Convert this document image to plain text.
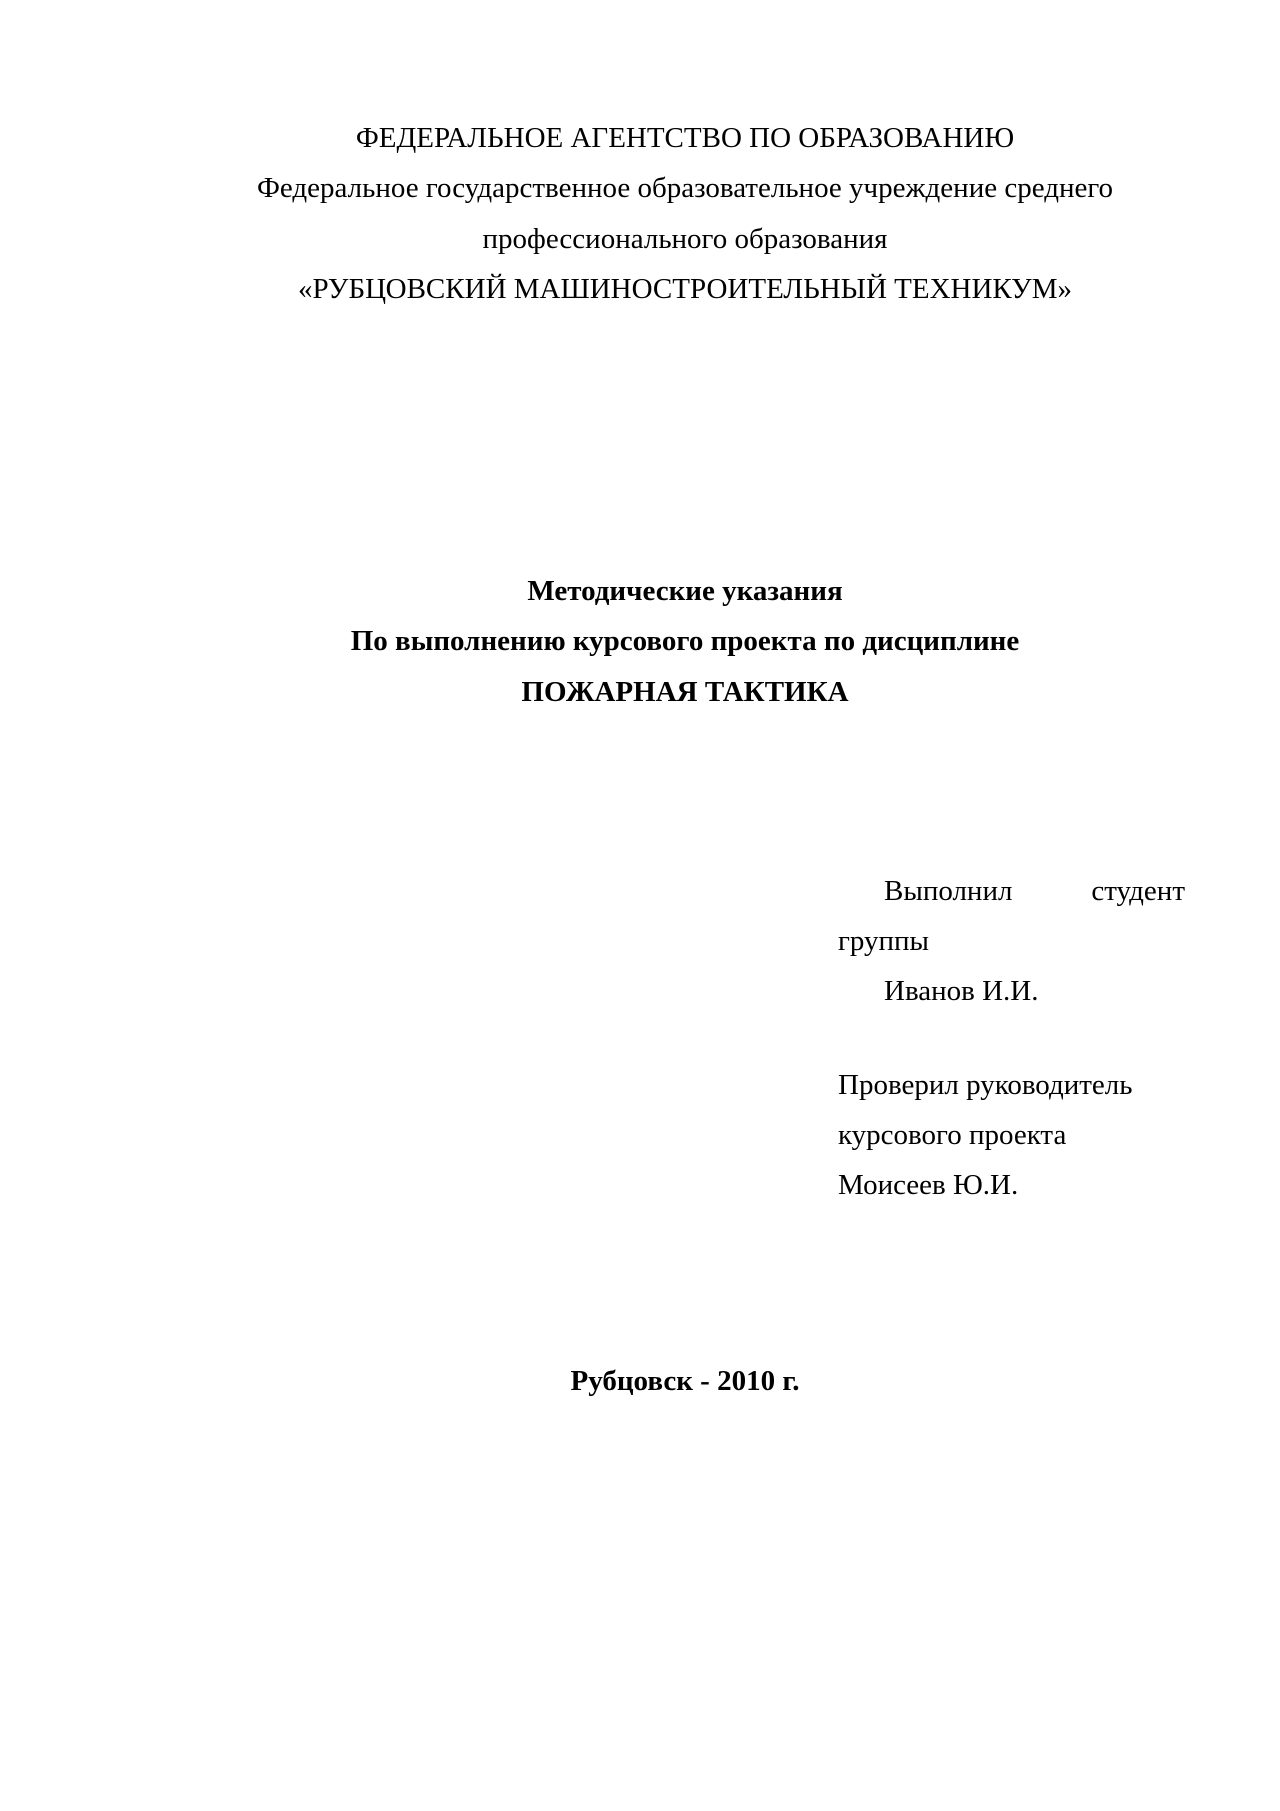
ФЕДЕРАЛЬНОЕ АГЕНТСТВО ПО ОБРАЗОВАНИЮ
Федеральное государственное образовательное учреждение среднего
профессионального образования
«РУБЦОВСКИЙ МАШИНОСТРОИТЕЛЬНЫЙ ТЕХНИКУМ»
Методические указания
По выполнению курсового проекта по дисциплине
ПОЖАРНАЯ ТАКТИКА
Выполнил	студент
группы
Иванов И.И.
Проверил руководитель
курсового проекта
Моисеев Ю.И.
Рубцовск - 2010 г.
